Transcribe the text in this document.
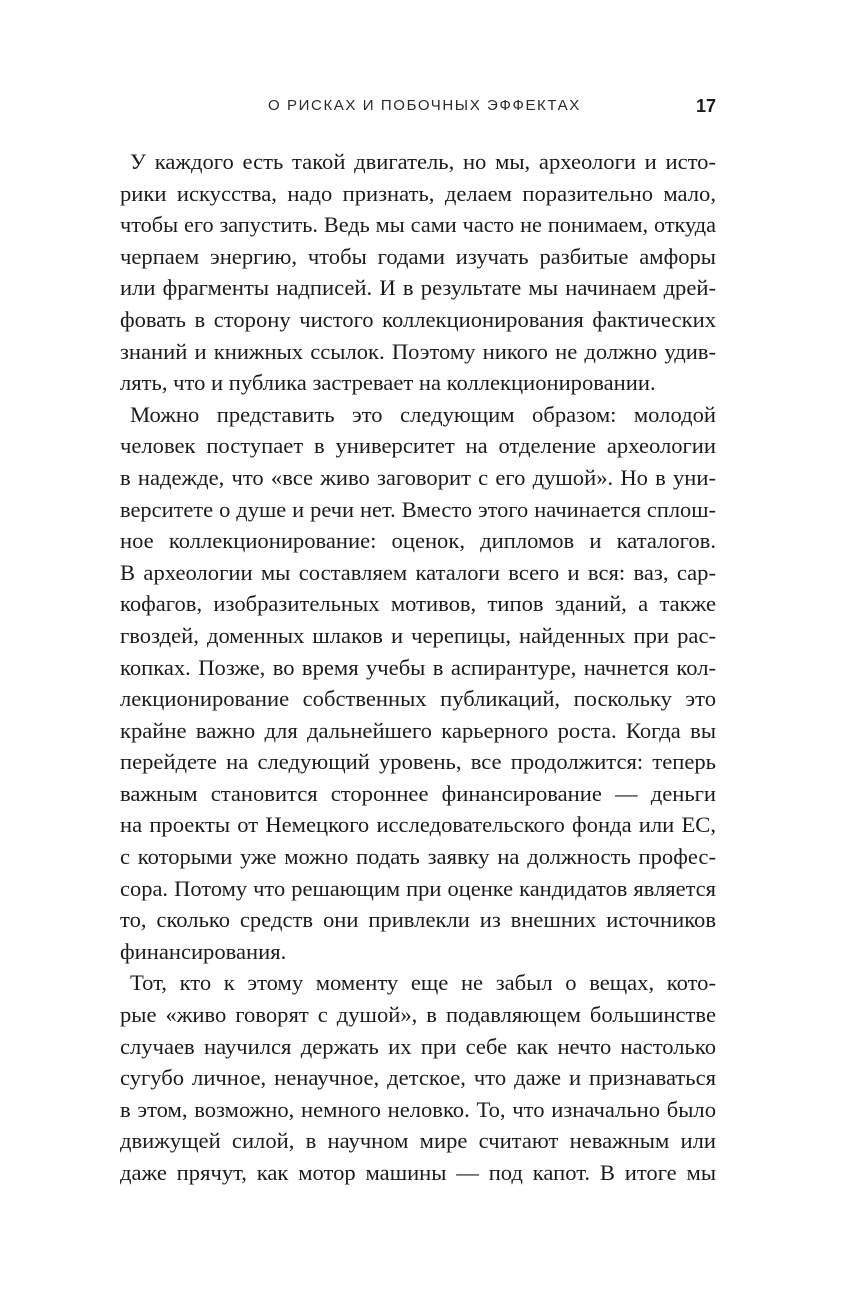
О РИСКАХ И ПОБОЧНЫХ ЭФФЕКТАХ	17
У каждого есть такой двигатель, но мы, археологи и исто-
рики искусства, надо признать, делаем поразительно мало,
чтобы его запустить. Ведь мы сами часто не понимаем, откуда
черпаем энергию, чтобы годами изучать разбитые амфоры
или фрагменты надписей. И в результате мы начинаем дрей-
фовать в сторону чистого коллекционирования фактических
знаний и книжных ссылок. Поэтому никого не должно удив-
лять, что и публика застревает на коллекционировании.
Можно представить это следующим образом: молодой
человек поступает в университет на отделение археологии
в надежде, что «все живо заговорит с его душой». Но в уни-
верситете о душе и речи нет. Вместо этого начинается сплош-
ное коллекционирование: оценок, дипломов и каталогов.
В археологии мы составляем каталоги всего и вся: ваз, сар-
кофагов, изобразительных мотивов, типов зданий, а также
гвоздей, доменных шлаков и черепицы, найденных при рас-
копках. Позже, во время учебы в аспирантуре, начнется кол-
лекционирование собственных публикаций, поскольку это
крайне важно для дальнейшего карьерного роста. Когда вы
перейдете на следующий уровень, все продолжится: теперь
важным становится стороннее финансирование — деньги
на проекты от Немецкого исследовательского фонда или ЕС,
с которыми уже можно подать заявку на должность профес-
сора. Потому что решающим при оценке кандидатов является
то, сколько средств они привлекли из внешних источников
финансирования.
Тот, кто к этому моменту еще не забыл о вещах, кото-
рые «живо говорят с душой», в подавляющем большинстве
случаев научился держать их при себе как нечто настолько
сугубо личное, ненаучное, детское, что даже и признаваться
в этом, возможно, немного неловко. То, что изначально было
движущей силой, в научном мире считают неважным или
даже прячут, как мотор машины — под капот. В итоге мы
